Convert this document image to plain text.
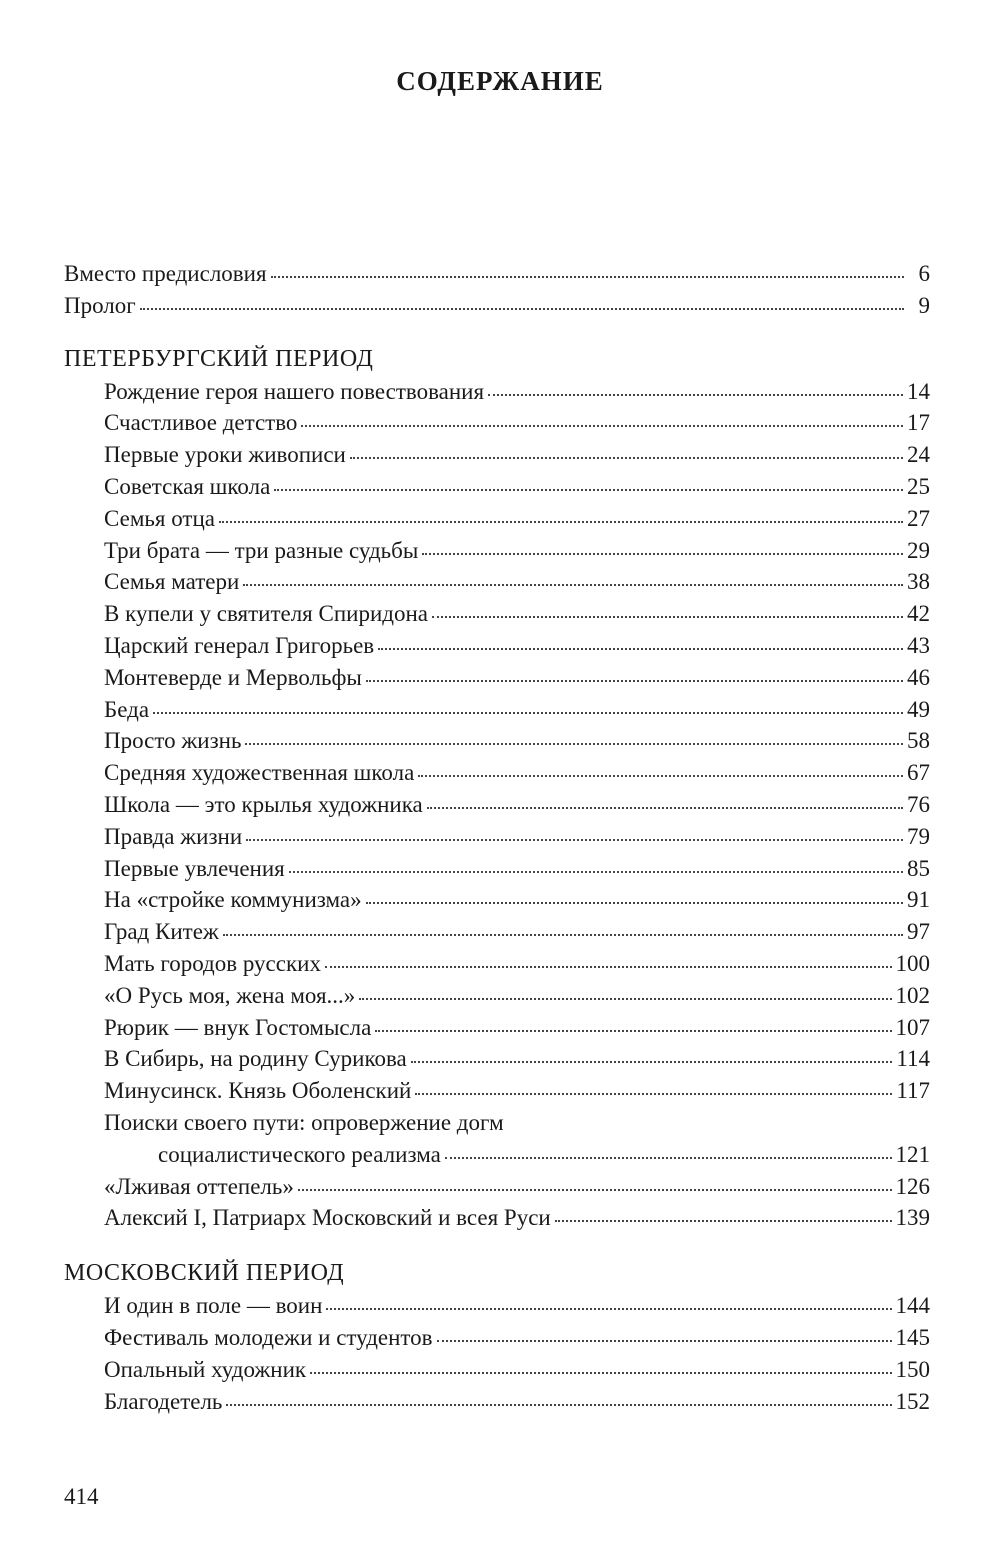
СОДЕРЖАНИЕ
Вместо предисловия	6
Пролог	9
ПЕТЕРБУРГСКИЙ ПЕРИОД
Рождение героя нашего повествования	14
Счастливое детство	17
Первые уроки живописи	24
Советская школа	25
Семья отца	27
Три брата — три разные судьбы	29
Семья матери	38
В купели у святителя Спиридона	42
Царский генерал Григорьев	43
Монтеверде и Мервольфы	46
Беда	49
Просто жизнь	58
Средняя художественная школа	67
Школа — это крылья художника	76
Правда жизни	79
Первые увлечения	85
На «стройке коммунизма»	91
Град Китеж	97
Мать городов русских	100
«О Русь моя, жена моя...»	102
Рюрик — внук Гостомысла	107
В Сибирь, на родину Сурикова	114
Минусинск. Князь Оболенский	117
Поиски своего пути: опровержение догм
социалистического реализма	121
«Лживая оттепель»	126
Алексий I, Патриарх Московский и всея Руси	139
МОСКОВСКИЙ ПЕРИОД
И один в поле — воин	144
Фестиваль молодежи и студентов	145
Опальный художник	150
Благодетель	152
414
